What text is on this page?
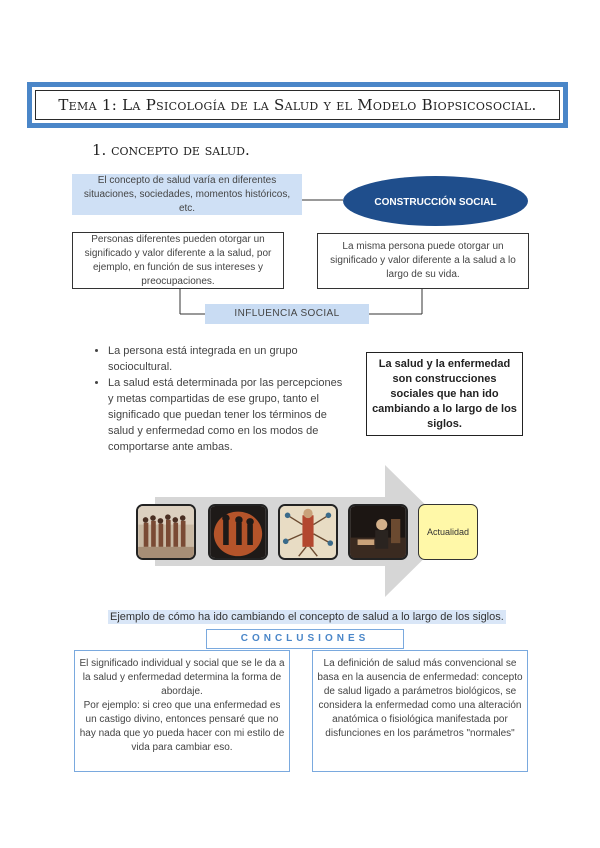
Tema 1: La Psicología de la Salud y el Modelo Biopsicosocial.
1. concepto de salud.
El concepto de salud varía en diferentes situaciones, sociedades, momentos históricos, etc.
CONSTRUCCIÓN SOCIAL
Personas diferentes pueden otorgar un significado y valor diferente a la salud, por ejemplo, en función de sus intereses y preocupaciones.
La misma persona puede otorgar un significado y valor diferente a la salud a lo largo de su vida.
INFLUENCIA SOCIAL
• La persona está integrada en un grupo sociocultural.
• La salud está determinada por las percepciones y metas compartidas de ese grupo, tanto el significado que puedan tener los términos de salud y enfermedad como en los modos de comportarse ante ambas.
La salud y la enfermedad son construcciones sociales que han ido cambiando a lo largo de los siglos.
Actualidad
Ejemplo de cómo ha ido cambiando el concepto de salud a lo largo de los siglos.
CONCLUSIONES

El significado individual y social que se le da a la salud y enfermedad determina la forma de abordaje.

Por ejemplo: si creo que una enfermedad es un castigo divino, entonces pensaré que no hay nada que yo pueda hacer con mi estilo de vida para cambiar eso.

La definición de salud más convencional se basa en la ausencia de enfermedad: concepto de salud ligado a parámetros biológicos, se considera la enfermedad como una alteración anatómica o fisiológica manifestada por disfunciones en los parámetros "normales"
